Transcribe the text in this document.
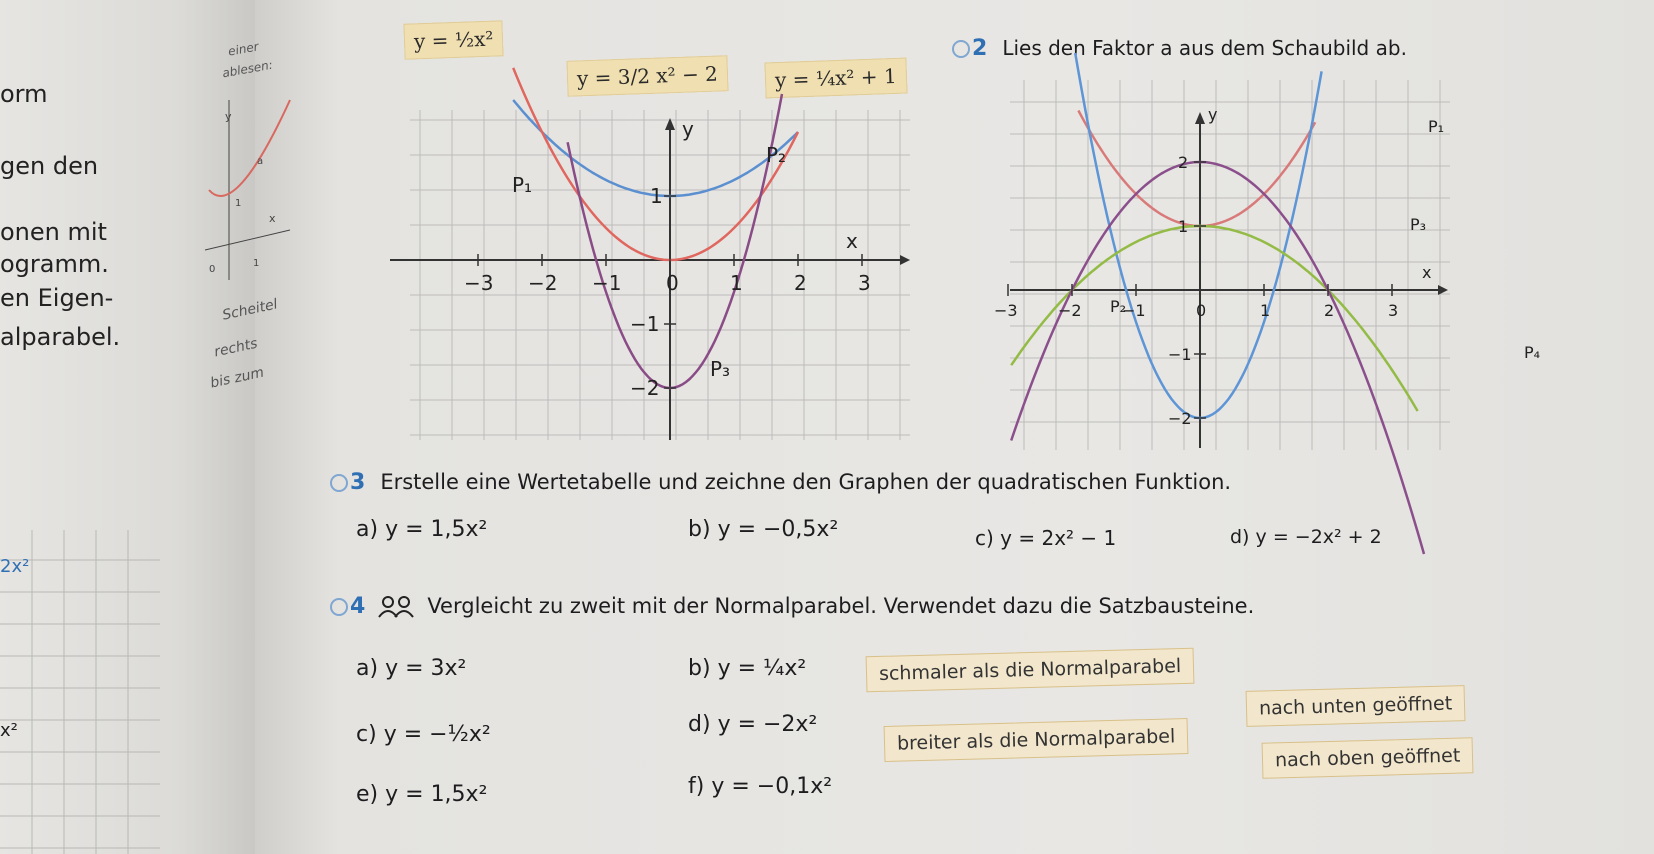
orm
gen den
onen mit
ogramm.
en Eigen-
alparabel.
2x²
x²
einer
ablesen:
y
a
1
x
0
1
Scheitel
rechts
bis zum
y = ½x²
y = 3/2 x² − 2	y = ¼x² + 1
−3 −2 −1 0	1	2	3
1
−1
−2
y
x
P₂
P₁
P₃
2 Lies den Faktor a aus dem Schaubild ab.
−3	−2	−1	0	1	2	3
2
1
−1
−2
y
x
P₁
P₃
P₂
P₄
3 Erstelle eine Wertetabelle und zeichne den Graphen der quadratischen Funktion.
a) y = 1,5x²	b) y = −0,5x²	c) y = 2x² − 1	d) y = −2x² + 2
4	Vergleicht zu zweit mit der Normalparabel. Verwendet dazu die Satzbausteine.
a) y = 3x²	b) y = ¼x²
c) y = −½x²	d) y = −2x²
e) y = 1,5x²	f) y = −0,1x²
schmaler als die Normalparabel
nach unten geöffnet
breiter als die Normalparabel
nach oben geöffnet
